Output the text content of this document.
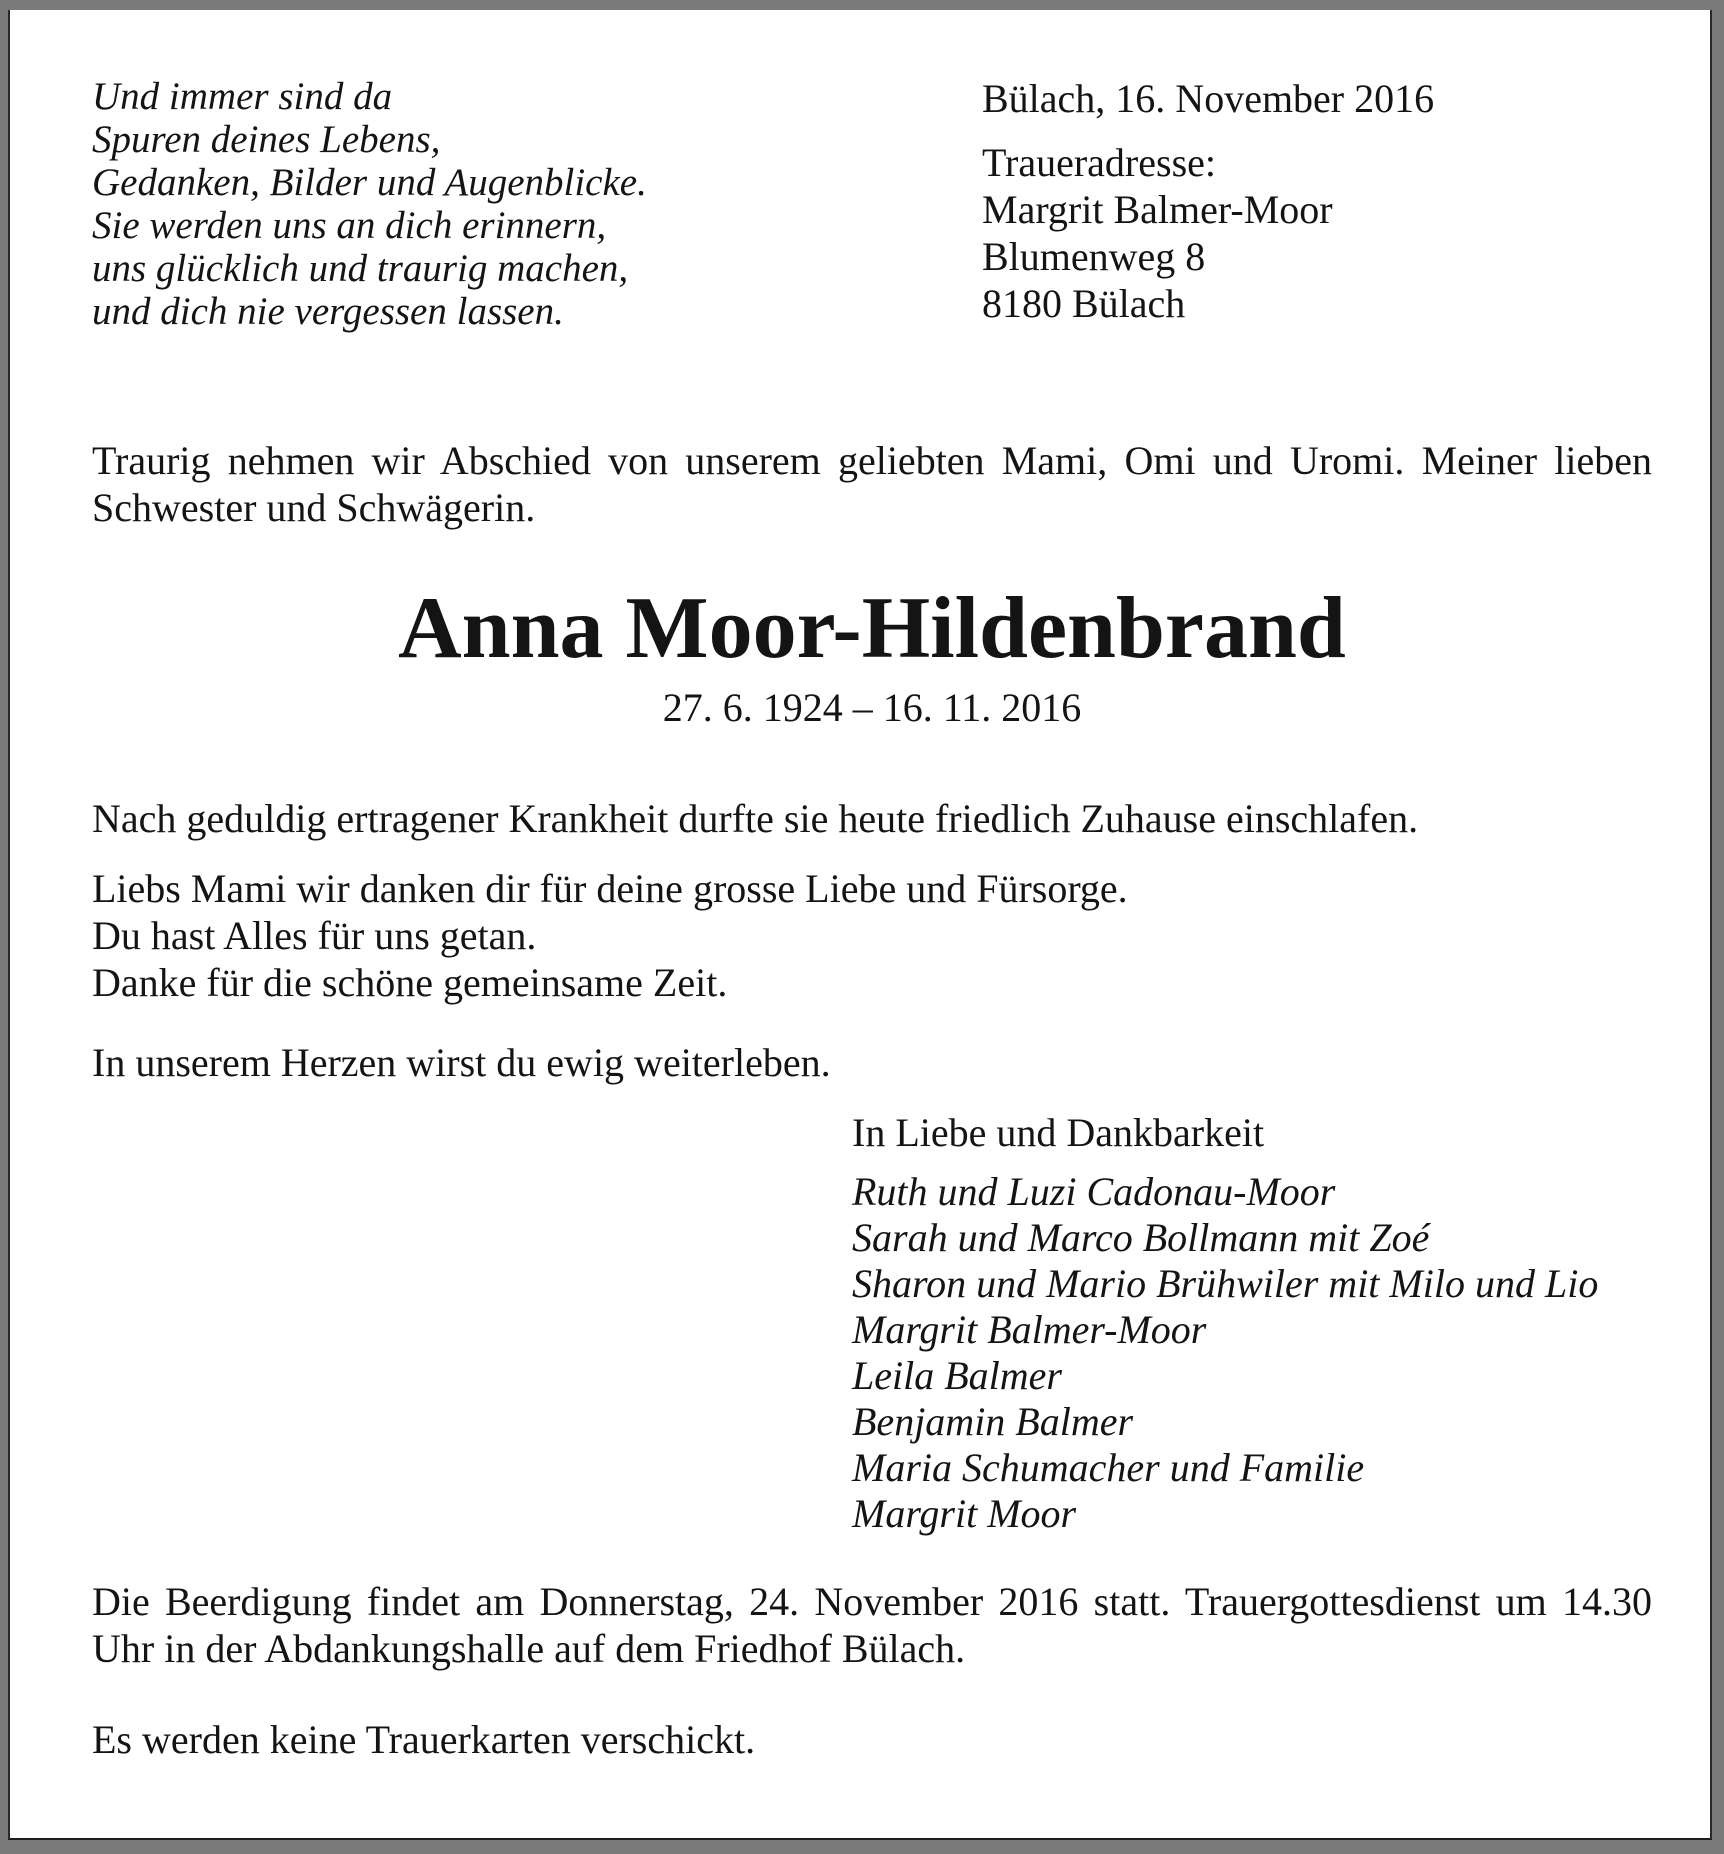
Und immer sind da
Spuren deines Lebens,
Gedanken, Bilder und Augenblicke.
Sie werden uns an dich erinnern,
uns glücklich und traurig machen,
und dich nie vergessen lassen.
Bülach, 16. November 2016
Traueradresse:
Margrit Balmer-Moor
Blumenweg 8
8180 Bülach
Traurig nehmen wir Abschied von unserem geliebten Mami, Omi und Uromi. Meiner lieben Schwester und Schwägerin.
Anna Moor-Hildenbrand
27. 6. 1924 – 16. 11. 2016
Nach geduldig ertragener Krankheit durfte sie heute friedlich Zuhause einschlafen.
Liebs Mami wir danken dir für deine grosse Liebe und Fürsorge.
Du hast Alles für uns getan.
Danke für die schöne gemeinsame Zeit.
In unserem Herzen wirst du ewig weiterleben.
In Liebe und Dankbarkeit
Ruth und Luzi Cadonau-Moor
Sarah und Marco Bollmann mit Zoé
Sharon und Mario Brühwiler mit Milo und Lio
Margrit Balmer-Moor
Leila Balmer
Benjamin Balmer
Maria Schumacher und Familie
Margrit Moor
Die Beerdigung findet am Donnerstag, 24. November 2016 statt. Trauergottesdienst um 14.30 Uhr in der Abdankungshalle auf dem Friedhof Bülach.
Es werden keine Trauerkarten verschickt.
